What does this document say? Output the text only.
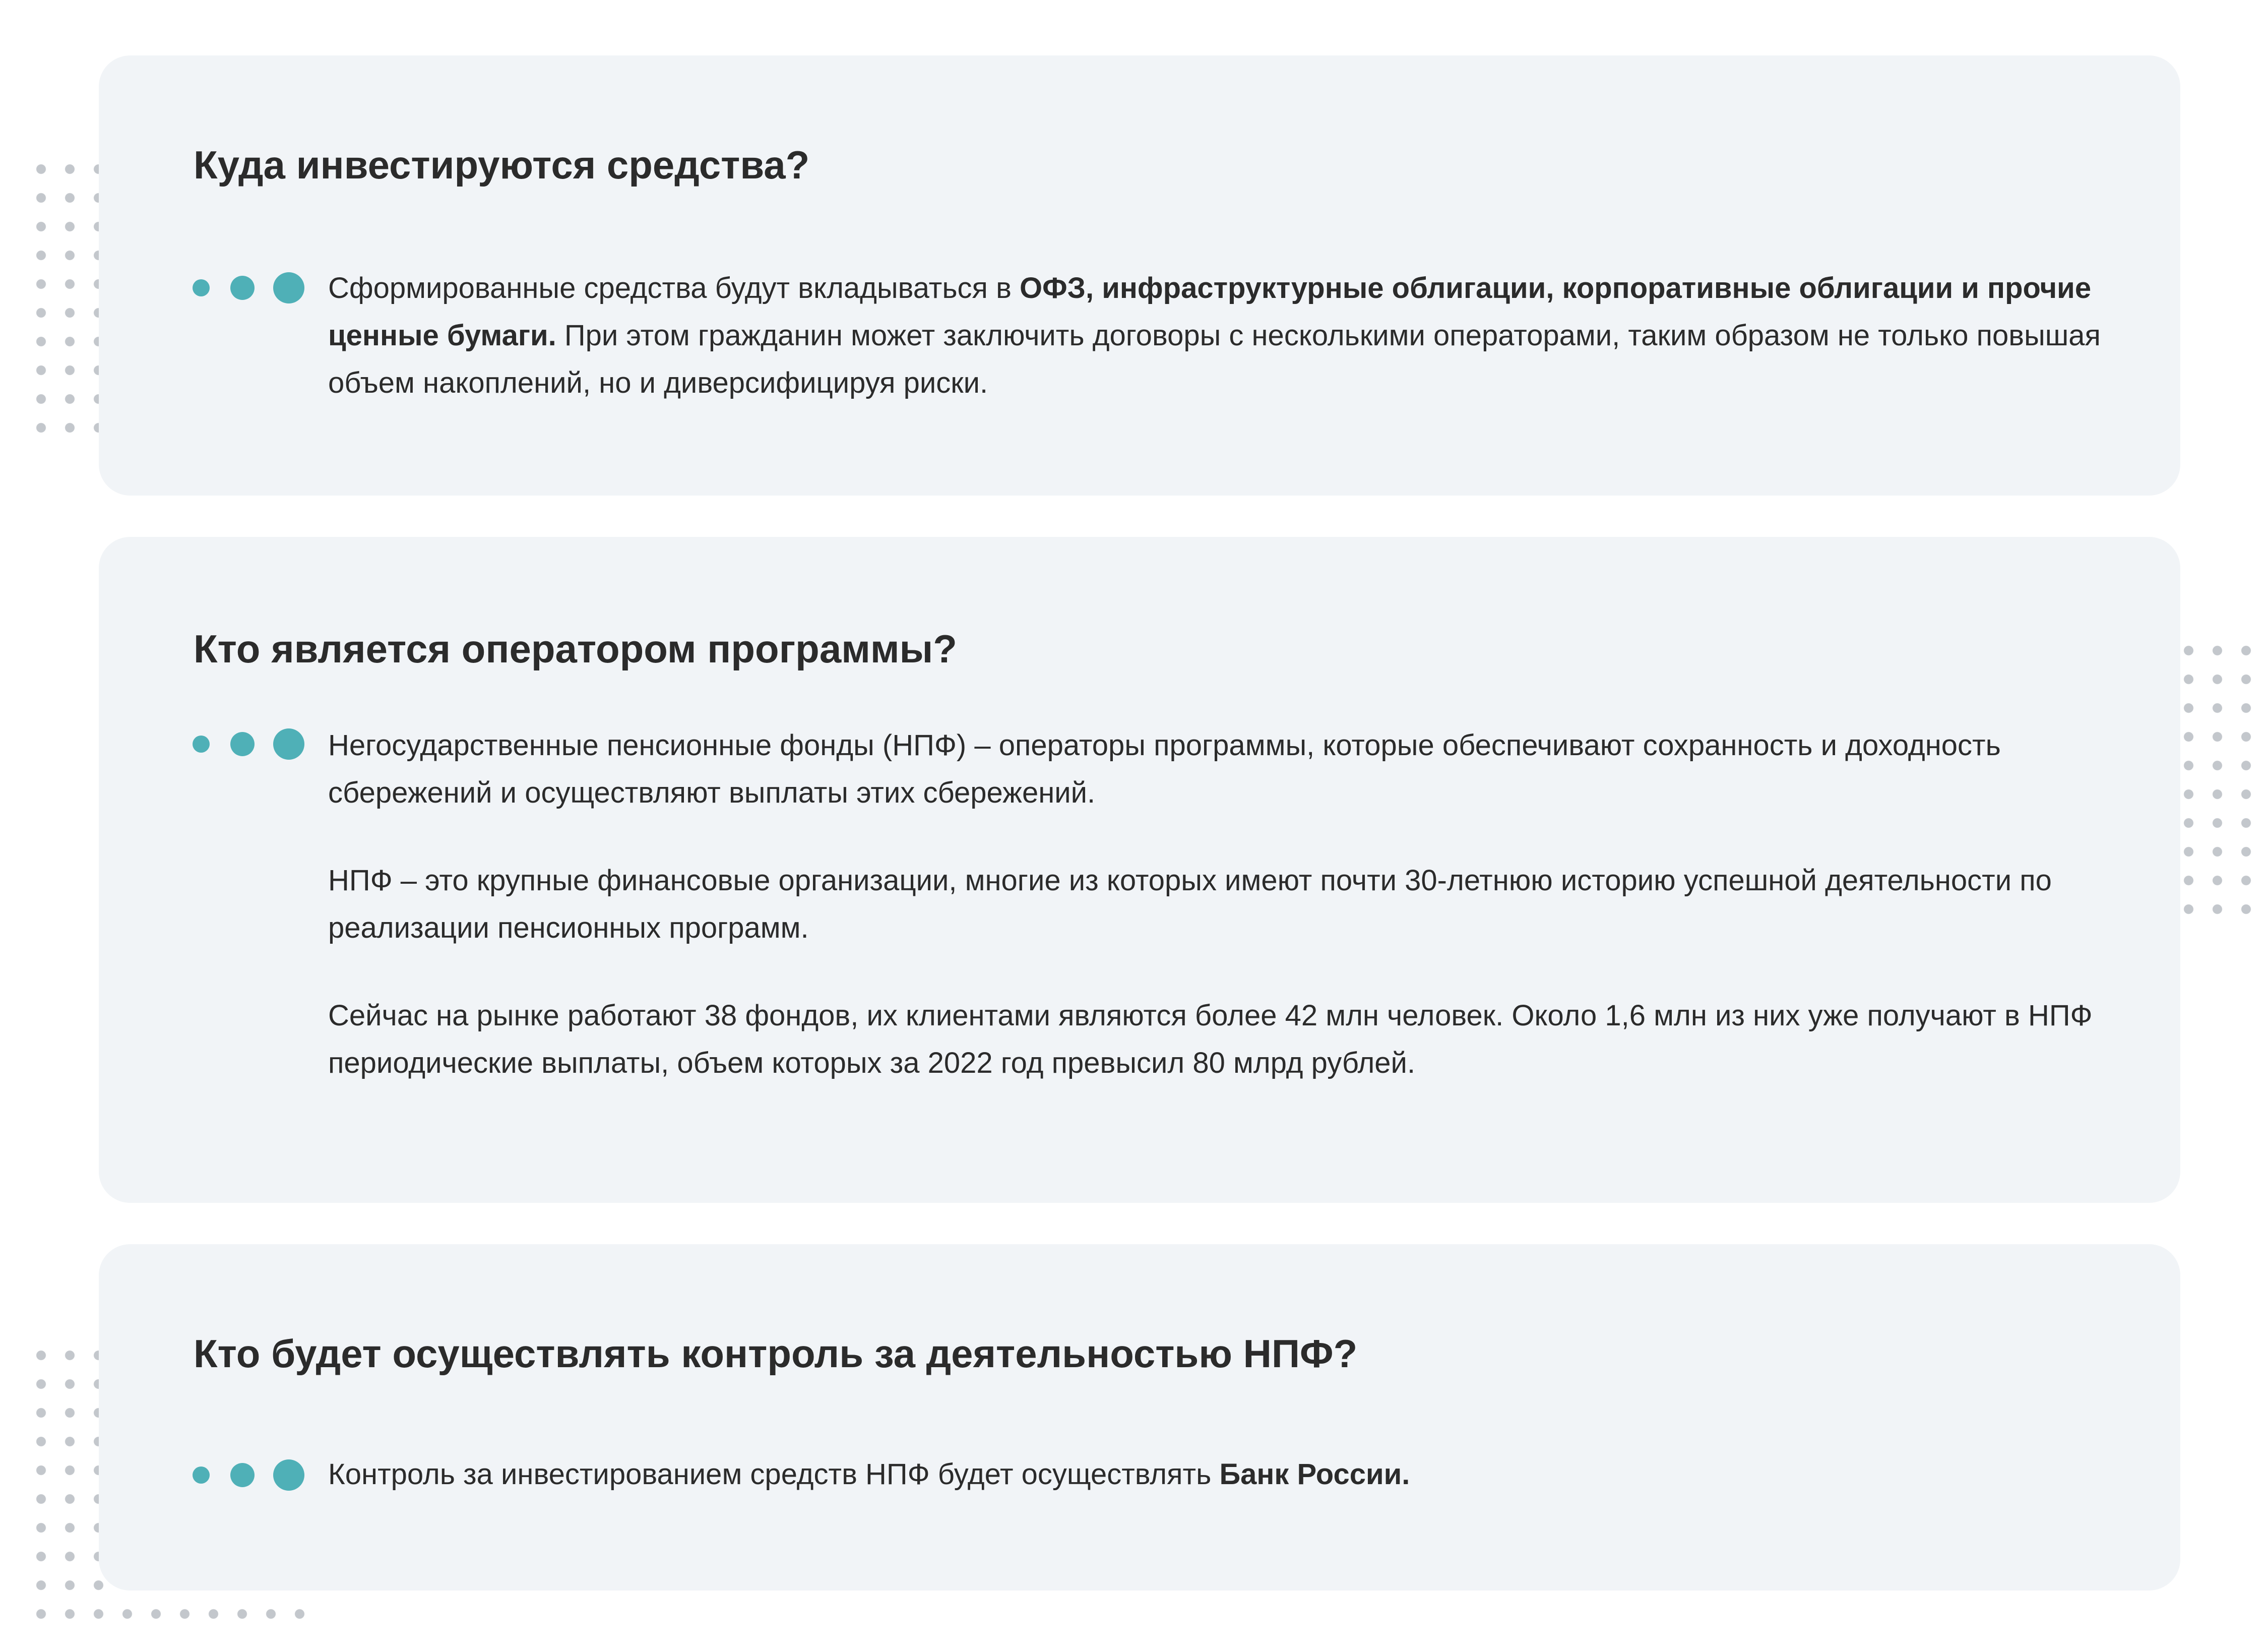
Куда инвестируются средства?

Сформированные средства будут вкладываться в ОФЗ, инфраструктурные облигации, корпоративные облигации и прочие ценные бумаги. При этом гражданин может заключить договоры с несколькими операторами, таким образом не только повышая объем накоплений, но и диверсифицируя риски.

Кто является оператором программы?

Негосударственные пенсионные фонды (НПФ) – операторы программы, которые обеспечивают сохранность и доходность сбережений и осуществляют выплаты этих сбережений.

НПФ – это крупные финансовые организации, многие из которых имеют почти 30-летнюю историю успешной деятельности по реализации пенсионных программ.

Сейчас на рынке работают 38 фондов, их клиентами являются более 42 млн человек. Около 1,6 млн из них уже получают в НПФ периодические выплаты, объем которых за 2022 год превысил 80 млрд рублей.

Кто будет осуществлять контроль за деятельностью НПФ?

Контроль за инвестированием средств НПФ будет осуществлять Банк России.
